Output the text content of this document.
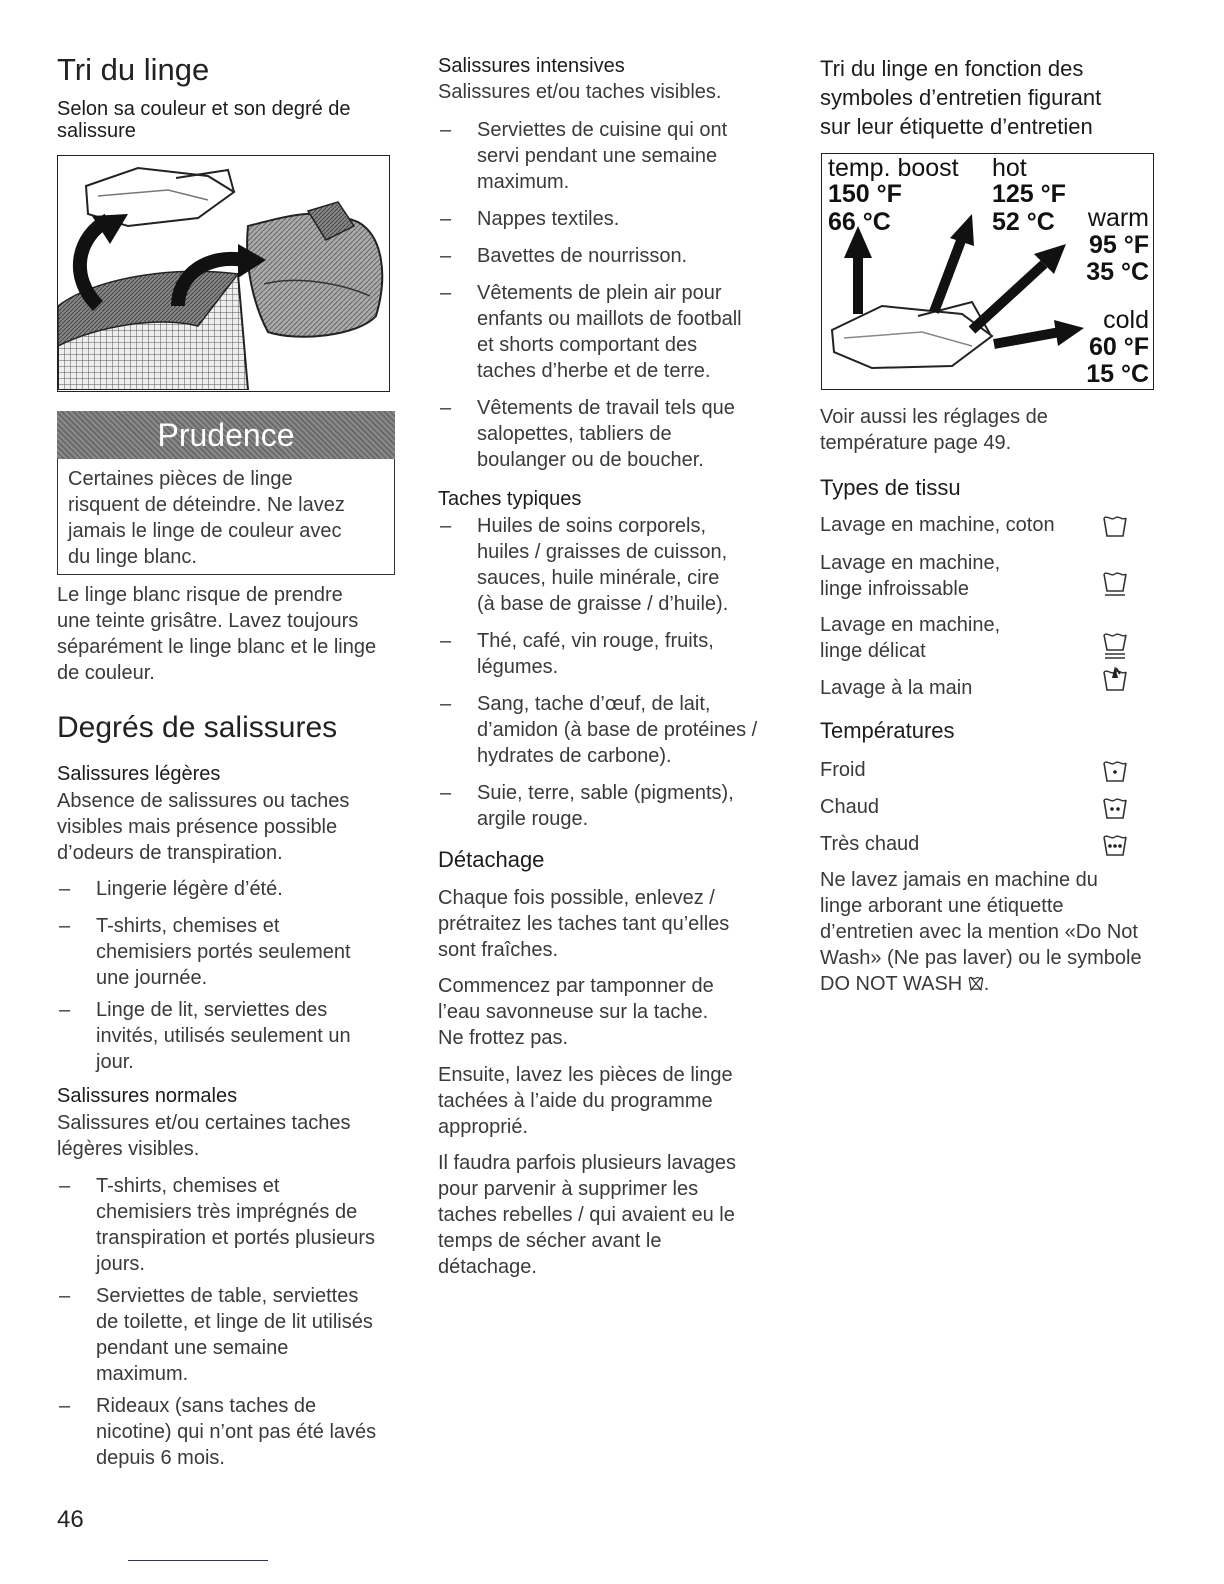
Tri du linge
Selon sa couleur et son degré de salissure
Prudence

Certaines pièces de linge

risquent de déteindre. Ne lavez

jamais le linge de couleur avec

du linge blanc.

Le linge blanc risque de prendre

une teinte grisâtre. Lavez toujours

séparément le linge blanc et le linge

de couleur.

Degrés de salissures
Salissures légères

Absence de salissures ou taches

visibles mais présence possible

d’odeurs de transpiration.

– Lingerie légère d’été.
– T-shirts, chemises et
chemisiers portés seulement
une journée.
– Linge de lit, serviettes des
invités, utilisés seulement un
jour.
Salissures normales

Salissures et/ou certaines taches

légères visibles.

– T-shirts, chemises et
chemisiers très imprégnés de
transpiration et portés plusieurs
jours.
– Serviettes de table, serviettes
de toilette, et linge de lit utilisés
pendant une semaine
maximum.
– Rideaux (sans taches de
nicotine) qui n’ont pas été lavés
depuis 6 mois.
46
Salissures intensives

Salissures et/ou taches visibles.

– Serviettes de cuisine qui ont
servi pendant une semaine
maximum.
– Nappes textiles.
– Bavettes de nourrisson.
– Vêtements de plein air pour
enfants ou maillots de football
et shorts comportant des
taches d’herbe et de terre.
– Vêtements de travail tels que
salopettes, tabliers de
boulanger ou de boucher.
Taches typiques
– Huiles de soins corporels,
huiles / graisses de cuisson,
sauces, huile minérale, cire
(à base de graisse / d’huile).
– Thé, café, vin rouge, fruits,
légumes.
– Sang, tache d’œuf, de lait,
d’amidon (à base de protéines /
hydrates de carbone).
– Suie, terre, sable (pigments),
argile rouge.
Détachage

Chaque fois possible, enlevez /

prétraitez les taches tant qu’elles

sont fraîches.

Commencez par tamponner de

l’eau savonneuse sur la tache.

Ne frottez pas.

Ensuite, lavez les pièces de linge

tachées à l’aide du programme

approprié.

Il faudra parfois plusieurs lavages

pour parvenir à supprimer les

taches rebelles / qui avaient eu le

temps de sécher avant le

détachage.

Tri du linge en fonction des
symboles d’entretien figurant
sur leur étiquette d’entretien
temp. boost
150 °F
66 °C
hot
125 °F
52 °C warm
95 °F
35 °C
cold
60 °F
15 °C

Voir aussi les réglages de

température page 49.

Types de tissu
Lavage en machine, coton
Lavage en machine,
linge infroissable
Lavage en machine,
linge délicat
Lavage à la main
Températures
Froid
Chaud
Très chaud

Ne lavez jamais en machine du

linge arborant une étiquette

d’entretien avec la mention «Do Not

Wash» (Ne pas laver) ou le symbole

DO NOT WASH .
